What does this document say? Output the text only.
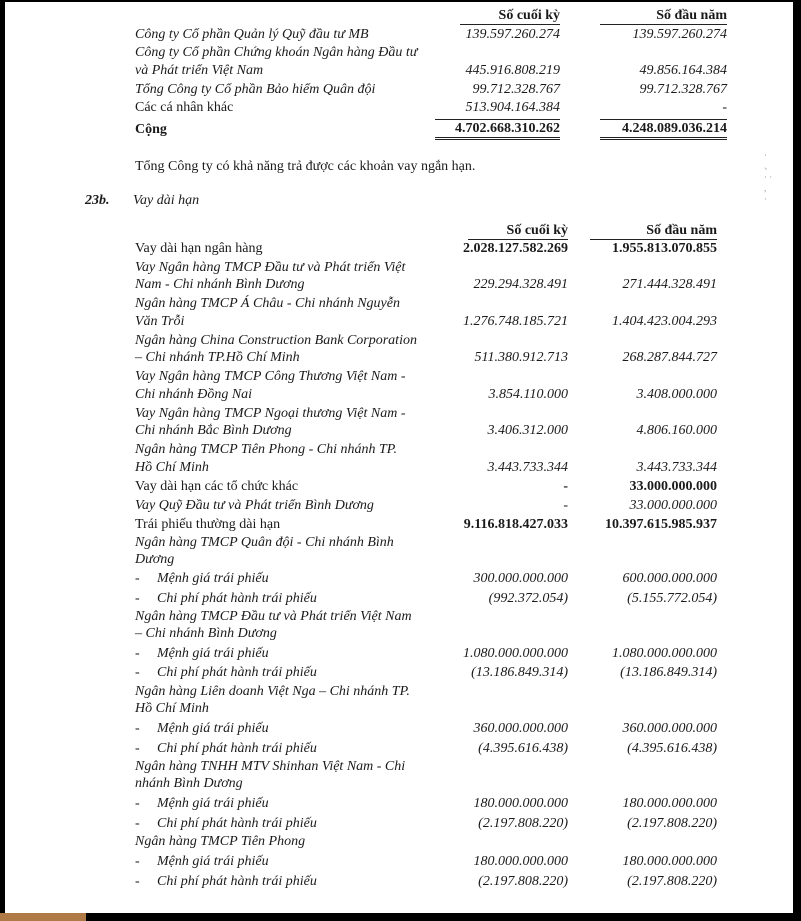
Số cuối kỳ	Số đầu năm
Công ty Cổ phần Quản lý Quỹ đầu tư MB	139.597.260.274	139.597.260.274
Công ty Cổ phần Chứng khoán Ngân hàng Đầu tư
và Phát triển Việt Nam	445.916.808.219	49.856.164.384
Tổng Công ty Cổ phần Bảo hiểm Quân đội	99.712.328.767	99.712.328.767
Các cá nhân khác	513.904.164.384	-
Cộng	4.702.668.310.262	4.248.089.036.214
Tổng Công ty có khả năng trả được các khoản vay ngắn hạn.
·
、
· ·
,
·
23b. Vay dài hạn
Số cuối kỳ	Số đầu năm
Vay dài hạn ngân hàng	2.028.127.582.269	1.955.813.070.855
Vay Ngân hàng TMCP Đầu tư và Phát triển Việt
Nam - Chi nhánh Bình Dương	229.294.328.491	271.444.328.491
Ngân hàng TMCP Á Châu - Chi nhánh Nguyễn
Văn Trỗi	1.276.748.185.721	1.404.423.004.293
Ngân hàng China Construction Bank Corporation
– Chi nhánh TP.Hồ Chí Minh	511.380.912.713	268.287.844.727
Vay Ngân hàng TMCP Công Thương Việt Nam -
Chi nhánh Đồng Nai	3.854.110.000	3.408.000.000
Vay Ngân hàng TMCP Ngoại thương Việt Nam -
Chi nhánh Bắc Bình Dương	3.406.312.000	4.806.160.000
Ngân hàng TMCP Tiên Phong - Chi nhánh TP.
Hồ Chí Minh	3.443.733.344	3.443.733.344
Vay dài hạn các tổ chức khác	-	33.000.000.000
Vay Quỹ Đầu tư và Phát triển Bình Dương	-	33.000.000.000
Trái phiếu thường dài hạn	9.116.818.427.033	10.397.615.985.937
Ngân hàng TMCP Quân đội - Chi nhánh Bình
Dương
- Mệnh giá trái phiếu	300.000.000.000	600.000.000.000
- Chi phí phát hành trái phiếu	(992.372.054)	(5.155.772.054)
Ngân hàng TMCP Đầu tư và Phát triển Việt Nam
– Chi nhánh Bình Dương
- Mệnh giá trái phiếu	1.080.000.000.000	1.080.000.000.000
- Chi phí phát hành trái phiếu	(13.186.849.314)	(13.186.849.314)
Ngân hàng Liên doanh Việt Nga – Chi nhánh TP.
Hồ Chí Minh
- Mệnh giá trái phiếu	360.000.000.000	360.000.000.000
- Chi phí phát hành trái phiếu	(4.395.616.438)	(4.395.616.438)
Ngân hàng TNHH MTV Shinhan Việt Nam - Chi
nhánh Bình Dương
- Mệnh giá trái phiếu	180.000.000.000	180.000.000.000
- Chi phí phát hành trái phiếu	(2.197.808.220)	(2.197.808.220)
Ngân hàng TMCP Tiên Phong
- Mệnh giá trái phiếu	180.000.000.000	180.000.000.000
- Chi phí phát hành trái phiếu	(2.197.808.220)	(2.197.808.220)
